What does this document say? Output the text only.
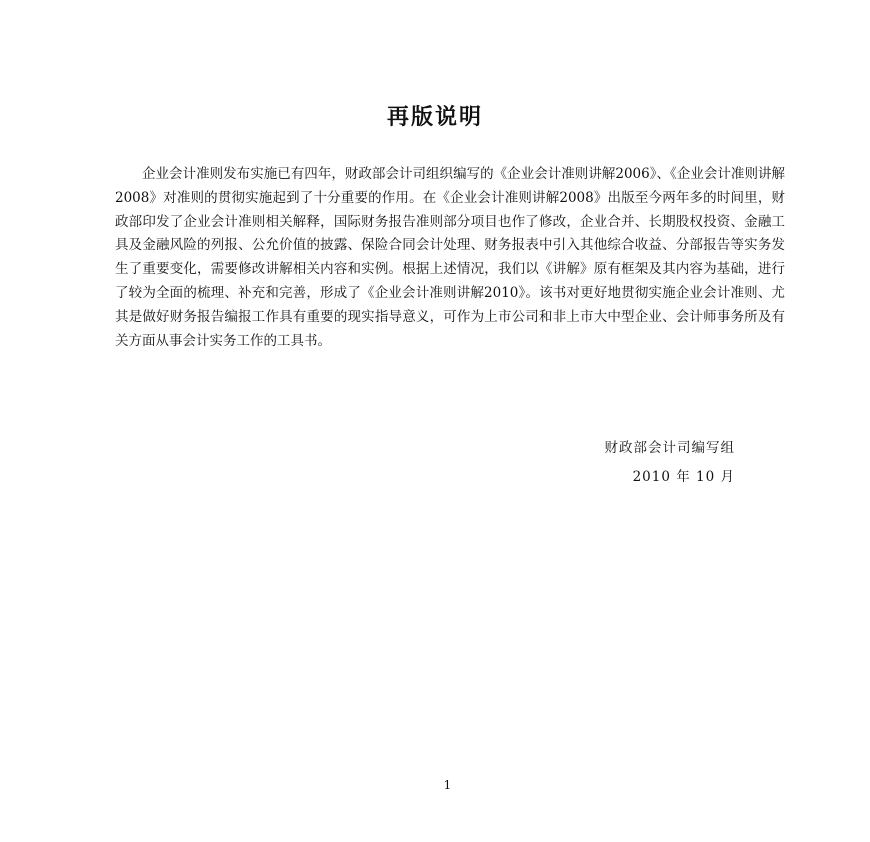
再版说明

企业会计准则发布实施已有四年，财政部会计司组织编写的《企业会计准则讲解2006》、《企业会计准则讲解2008》对准则的贯彻实施起到了十分重要的作用。在《企业会计准则讲解2008》出版至今两年多的时间里，财政部印发了企业会计准则相关解释，国际财务报告准则部分项目也作了修改，企业合并、长期股权投资、金融工具及金融风险的列报、公允价值的披露、保险合同会计处理、财务报表中引入其他综合收益、分部报告等实务发生了重要变化，需要修改讲解相关内容和实例。根据上述情况，我们以《讲解》原有框架及其内容为基础，进行了较为全面的梳理、补充和完善，形成了《企业会计准则讲解2010》。该书对更好地贯彻实施企业会计准则、尤其是做好财务报告编报工作具有重要的现实指导意义，可作为上市公司和非上市大中型企业、会计师事务所及有关方面从事会计实务工作的工具书。

财政部会计司编写组
2010 年 10 月
1
